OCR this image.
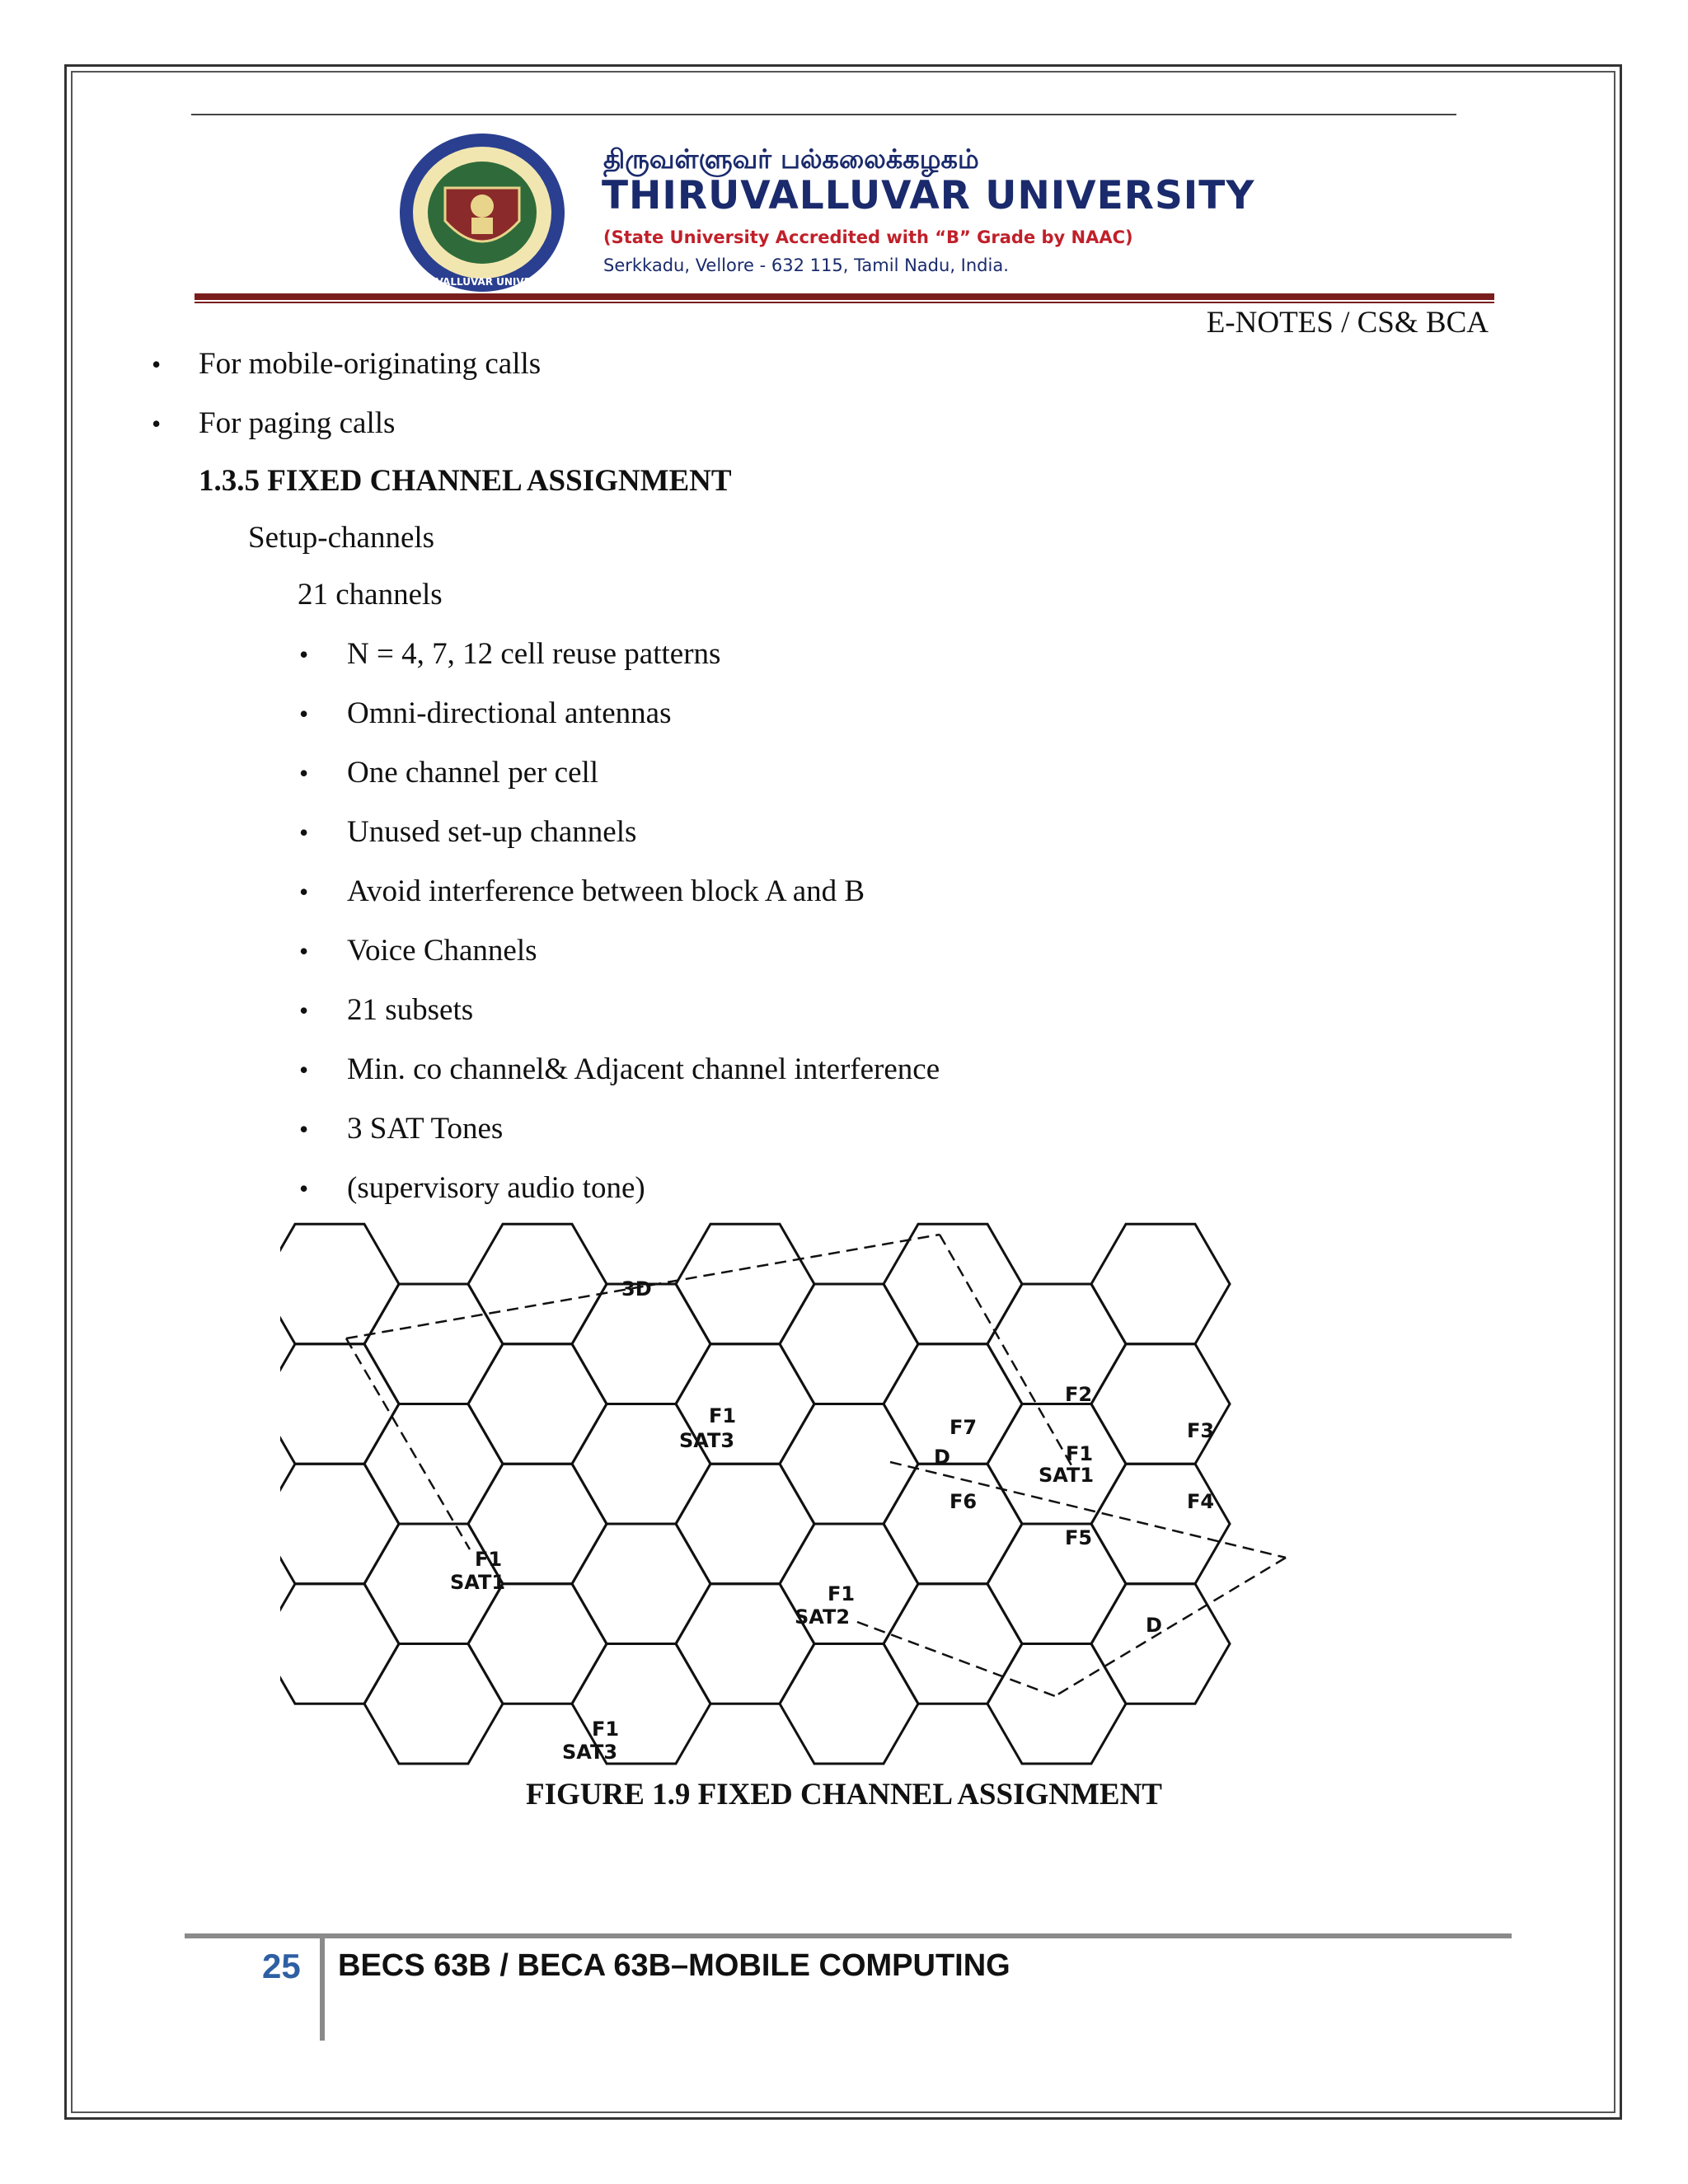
THIRUVALLUVAR UNIVERSITY
திருவள்ளுவர் பல்கலைக்கழகம்
THIRUVALLUVAR UNIVERSITY
(State University Accredited with “B” Grade by NAAC)
Serkkadu, Vellore - 632 115, Tamil Nadu, India.
E-NOTES / CS& BCA
• For mobile-originating calls
• For paging calls
1.3.5 FIXED CHANNEL ASSIGNMENT
Setup-channels
21 channels
• N = 4, 7, 12 cell reuse patterns
• Omni-directional antennas
• One channel per cell
• Unused set-up channels
• Avoid interference between block A and B
• Voice Channels
• 21 subsets
• Min. co channel& Adjacent channel interference
• 3 SAT Tones
• (supervisory audio tone)
3D
D
D
F2
F3
F4
F5
F6
F7
F1
SAT3
F1
SAT1
F1
SAT1	F1
SAT2
F1
SAT3
FIGURE 1.9 FIXED CHANNEL ASSIGNMENT
25 BECS 63B / BECA 63B–MOBILE COMPUTING
